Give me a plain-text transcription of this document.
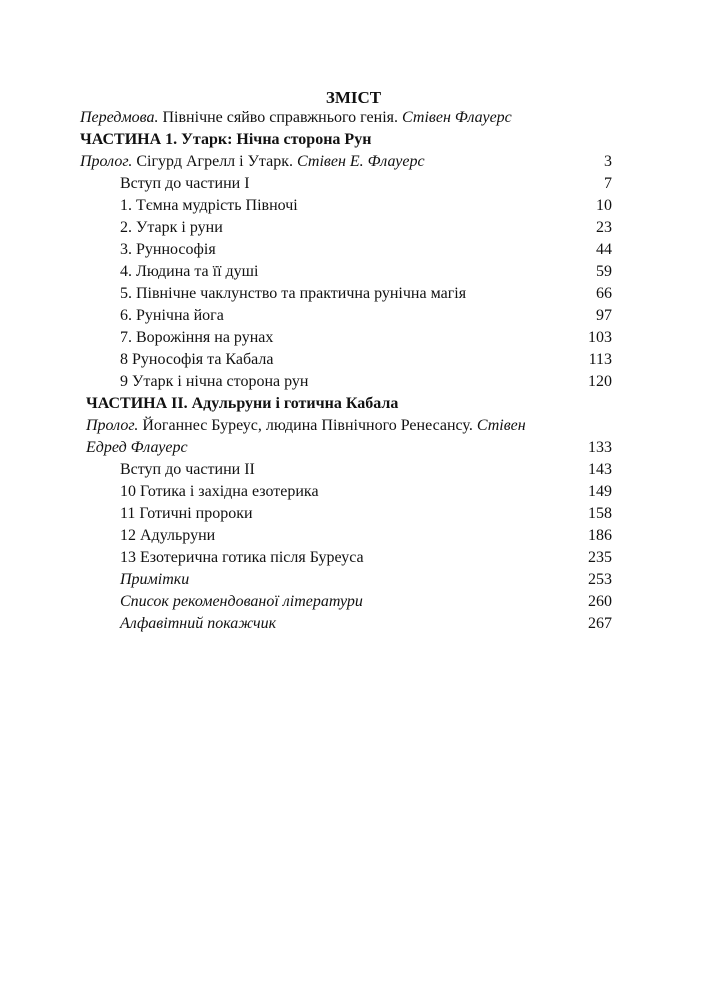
ЗМІСТ
Передмова. Північне сяйво справжнього генія. Стівен Флауерс
ЧАСТИНА 1. Утарк: Нічна сторона Рун
Пролог. Сігурд Агрелл і Утарк. Стівен Е. Флауерс	3
Вступ до частини І	7
1. Тємна мудрість Півночі	10
2. Утарк і руни	23
3. Руннософія	44
4. Людина та її душі	59
5. Північне чаклунство та практична рунічна магія	66
6. Рунічна йога	97
7. Ворожіння на рунах	103
8 Рунософія та Кабала	113
9 Утарк і нічна сторона рун	120
ЧАСТИНА ІІ. Адульруни і готична Кабала
Пролог. Йоганнес Буреус, людина Північного Ренесансу. Стівен
Едред Флауерс	133
Вступ до частини ІІ	143
10 Готика і західна езотерика	149
11 Готичні пророки	158
12 Адульруни	186
13 Езотерична готика після Буреуса	235
Примітки	253
Список рекомендованої літератури	260
Алфавітний покажчик	267
